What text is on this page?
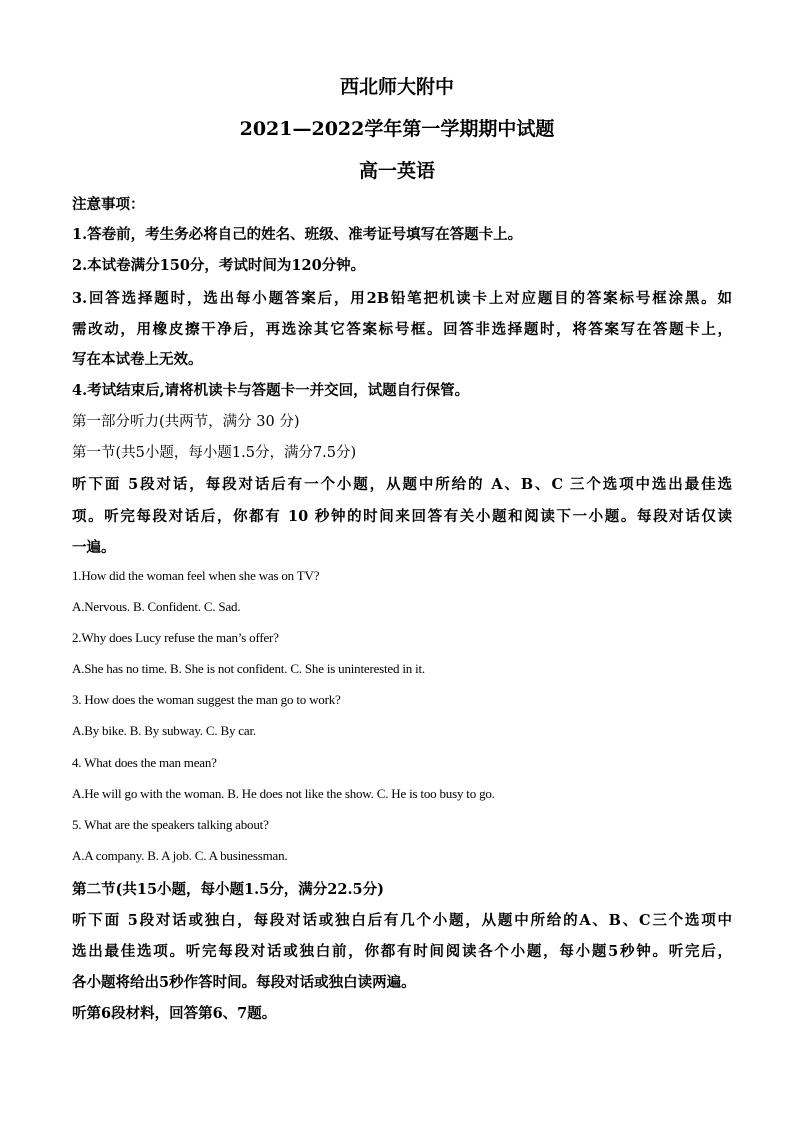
西北师大附中
2021—2022学年第一学期期中试题
高一英语
注意事项：
1.答卷前，考生务必将自己的姓名、班级、准考证号填写在答题卡上。
2.本试卷满分150分，考试时间为120分钟。
3.回答选择题时，选出每小题答案后，用2B铅笔把机读卡上对应题目的答案标号框涂黑。如
需改动，用橡皮擦干净后，再选涂其它答案标号框。回答非选择题时，将答案写在答题卡上，
写在本试卷上无效。
4.考试结束后,请将机读卡与答题卡一并交回，试题自行保管。
第一部分听力(共两节，满分 30 分)
第一节(共5小题，每小题1.5分，满分7.5分)
听下面 5段对话，每段对话后有一个小题，从题中所给的 A、B、C 三个选项中选出最佳选
项。听完每段对话后，你都有 10 秒钟的时间来回答有关小题和阅读下一小题。每段对话仅读
一遍。
1.How did the woman feel when she was on TV?
A.Nervous. B. Confident. C. Sad.
2.Why does Lucy refuse the man’s offer?
A.She has no time. B. She is not confident. C. She is uninterested in it.
3. How does the woman suggest the man go to work?
A.By bike. B. By subway. C. By car.
4. What does the man mean?
A.He will go with the woman. B. He does not like the show. C. He is too busy to go.
5. What are the speakers talking about?
A.A company. B. A job. C. A businessman.
第二节(共15小题，每小题1.5分，满分22.5分)
听下面 5段对话或独白，每段对话或独白后有几个小题，从题中所给的A、B、C三个选项中
选出最佳选项。听完每段对话或独白前，你都有时间阅读各个小题，每小题5秒钟。听完后，
各小题将给出5秒作答时间。每段对话或独白读两遍。
听第6段材料，回答第6、7题。
